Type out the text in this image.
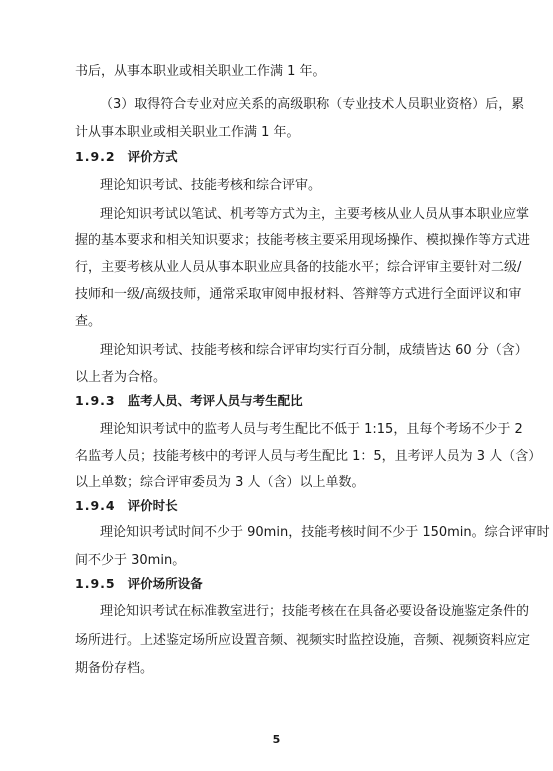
书后，从事本职业或相关职业工作满 1 年。

（3）取得符合专业对应关系的高级职称（专业技术人员职业资格）后，累

计从事本职业或相关职业工作满 1 年。

1.9.2 评价方式

理论知识考试、技能考核和综合评审。

理论知识考试以笔试、机考等方式为主，主要考核从业人员从事本职业应掌

握的基本要求和相关知识要求；技能考核主要采用现场操作、模拟操作等方式进

行，主要考核从业人员从事本职业应具备的技能水平；综合评审主要针对二级/

技师和一级/高级技师，通常采取审阅申报材料、答辩等方式进行全面评议和审

查。

理论知识考试、技能考核和综合评审均实行百分制，成绩皆达 60 分（含）

以上者为合格。

1.9.3 监考人员、考评人员与考生配比

理论知识考试中的监考人员与考生配比不低于 1:15，且每个考场不少于 2

名监考人员；技能考核中的考评人员与考生配比 1：5，且考评人员为 3 人（含）

以上单数；综合评审委员为 3 人（含）以上单数。

1.9.4 评价时长

理论知识考试时间不少于 90min，技能考核时间不少于 150min。综合评审时

间不少于 30min。

1.9.5 评价场所设备

理论知识考试在标准教室进行；技能考核在在具备必要设备设施鉴定条件的

场所进行。上述鉴定场所应设置音频、视频实时监控设施，音频、视频资料应定

期备份存档。

5
